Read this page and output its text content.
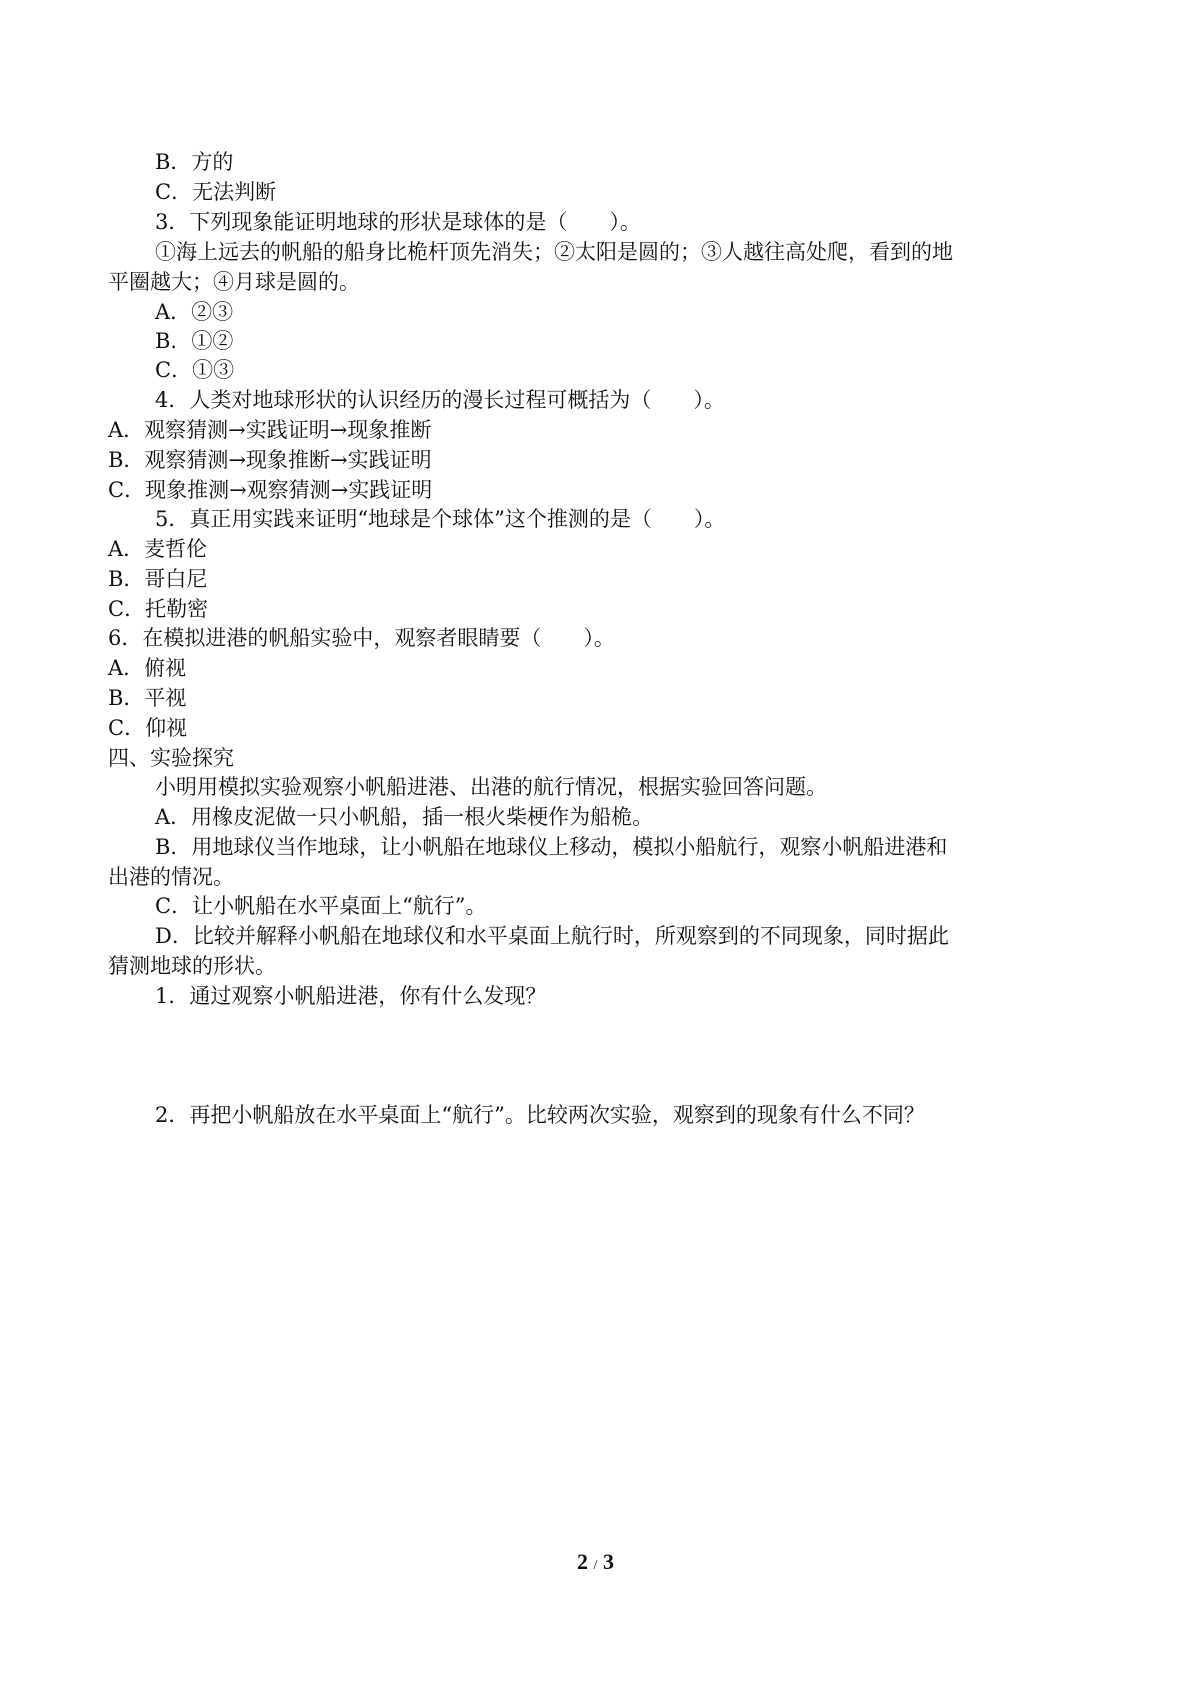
B．方的
C．无法判断
3．下列现象能证明地球的形状是球体的是（　　）。
①海上远去的帆船的船身比桅杆顶先消失；②太阳是圆的；③人越往高处爬，看到的地
平圈越大；④月球是圆的。
A．②③
B．①②
C．①③
4．人类对地球形状的认识经历的漫长过程可概括为（　　）。
A．观察猜测→实践证明→现象推断
B．观察猜测→现象推断→实践证明
C．现象推测→观察猜测→实践证明
5．真正用实践来证明“地球是个球体”这个推测的是（　　）。
A．麦哲伦
B．哥白尼
C．托勒密
6．在模拟进港的帆船实验中，观察者眼睛要（　　）。
A．俯视
B．平视
C．仰视
四、实验探究
小明用模拟实验观察小帆船进港、出港的航行情况，根据实验回答问题。
A．用橡皮泥做一只小帆船，插一根火柴梗作为船桅。
B．用地球仪当作地球，让小帆船在地球仪上移动，模拟小船航行，观察小帆船进港和
出港的情况。
C．让小帆船在水平桌面上“航行”。
D．比较并解释小帆船在地球仪和水平桌面上航行时，所观察到的不同现象，同时据此
猜测地球的形状。
1．通过观察小帆船进港，你有什么发现？
2．再把小帆船放在水平桌面上“航行”。比较两次实验，观察到的现象有什么不同？
2 / 3
